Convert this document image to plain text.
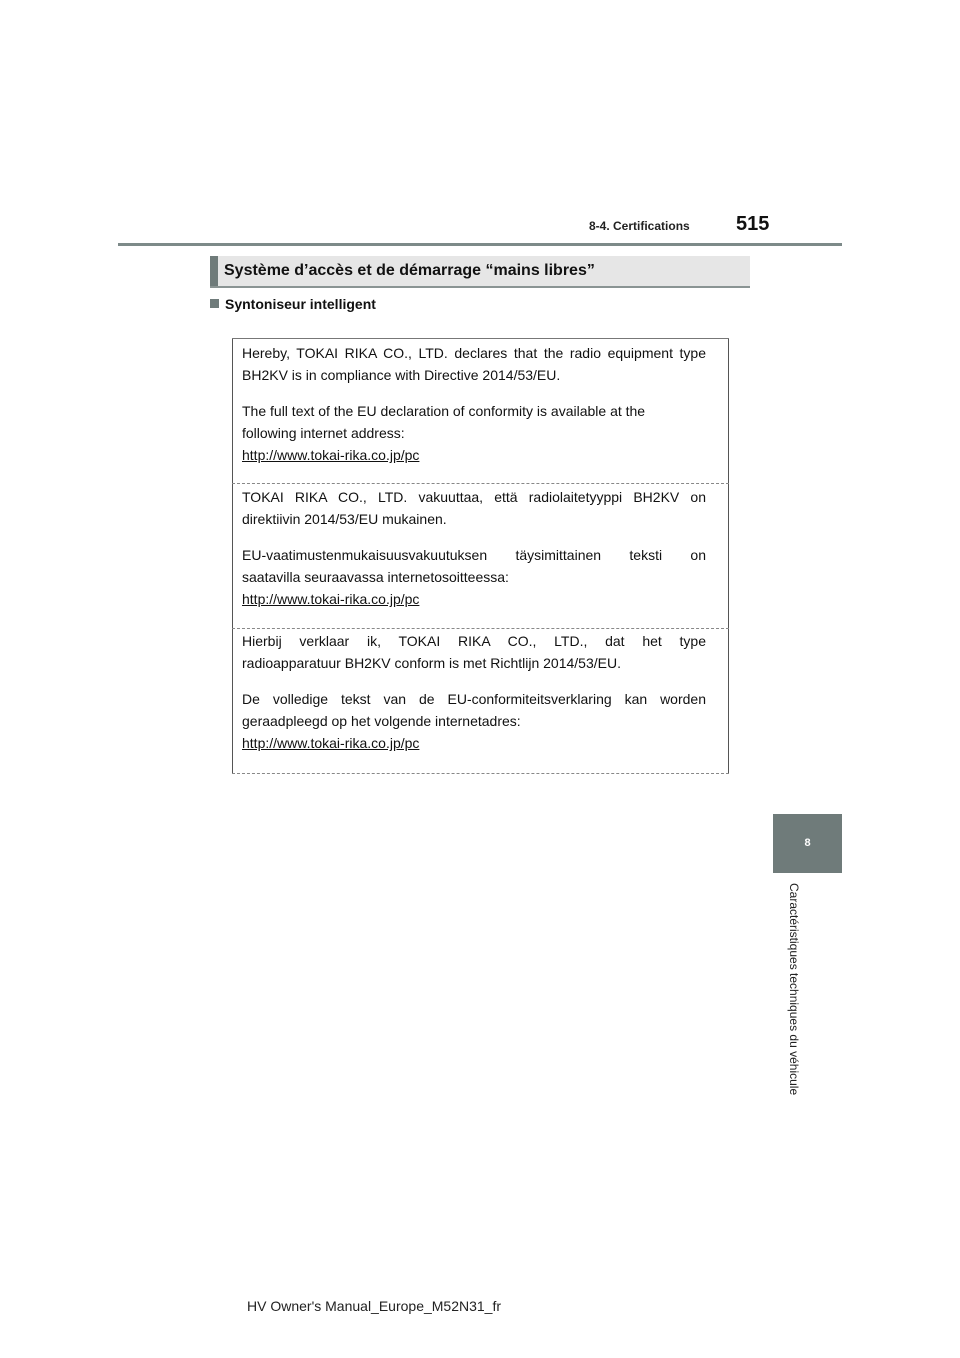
8-4. Certifications 515
Système d’accès et de démarrage “mains libres”
Syntoniseur intelligent

Hereby, TOKAI RIKA CO., LTD. declares that the radio equipment type

BH2KV is in compliance with Directive 2014/53/EU.

The full text of the EU declaration of conformity is available at the

following internet address:

http://www.tokai-rika.co.jp/pc

TOKAI RIKA CO., LTD. vakuuttaa, että radiolaitetyyppi BH2KV on

direktiivin 2014/53/EU mukainen.

EU-vaatimustenmukaisuusvakuutuksen täysimittainen teksti on

saatavilla seuraavassa internetosoitteessa:

http://www.tokai-rika.co.jp/pc

Hierbij verklaar ik, TOKAI RIKA CO., LTD., dat het type

radioapparatuur BH2KV conform is met Richtlijn 2014/53/EU.

De volledige tekst van de EU-conformiteitsverklaring kan worden

geraadpleegd op het volgende internetadres:

http://www.tokai-rika.co.jp/pc

8
Caractéristiques techniques du véhicule
HV Owner's Manual_Europe_M52N31_fr
